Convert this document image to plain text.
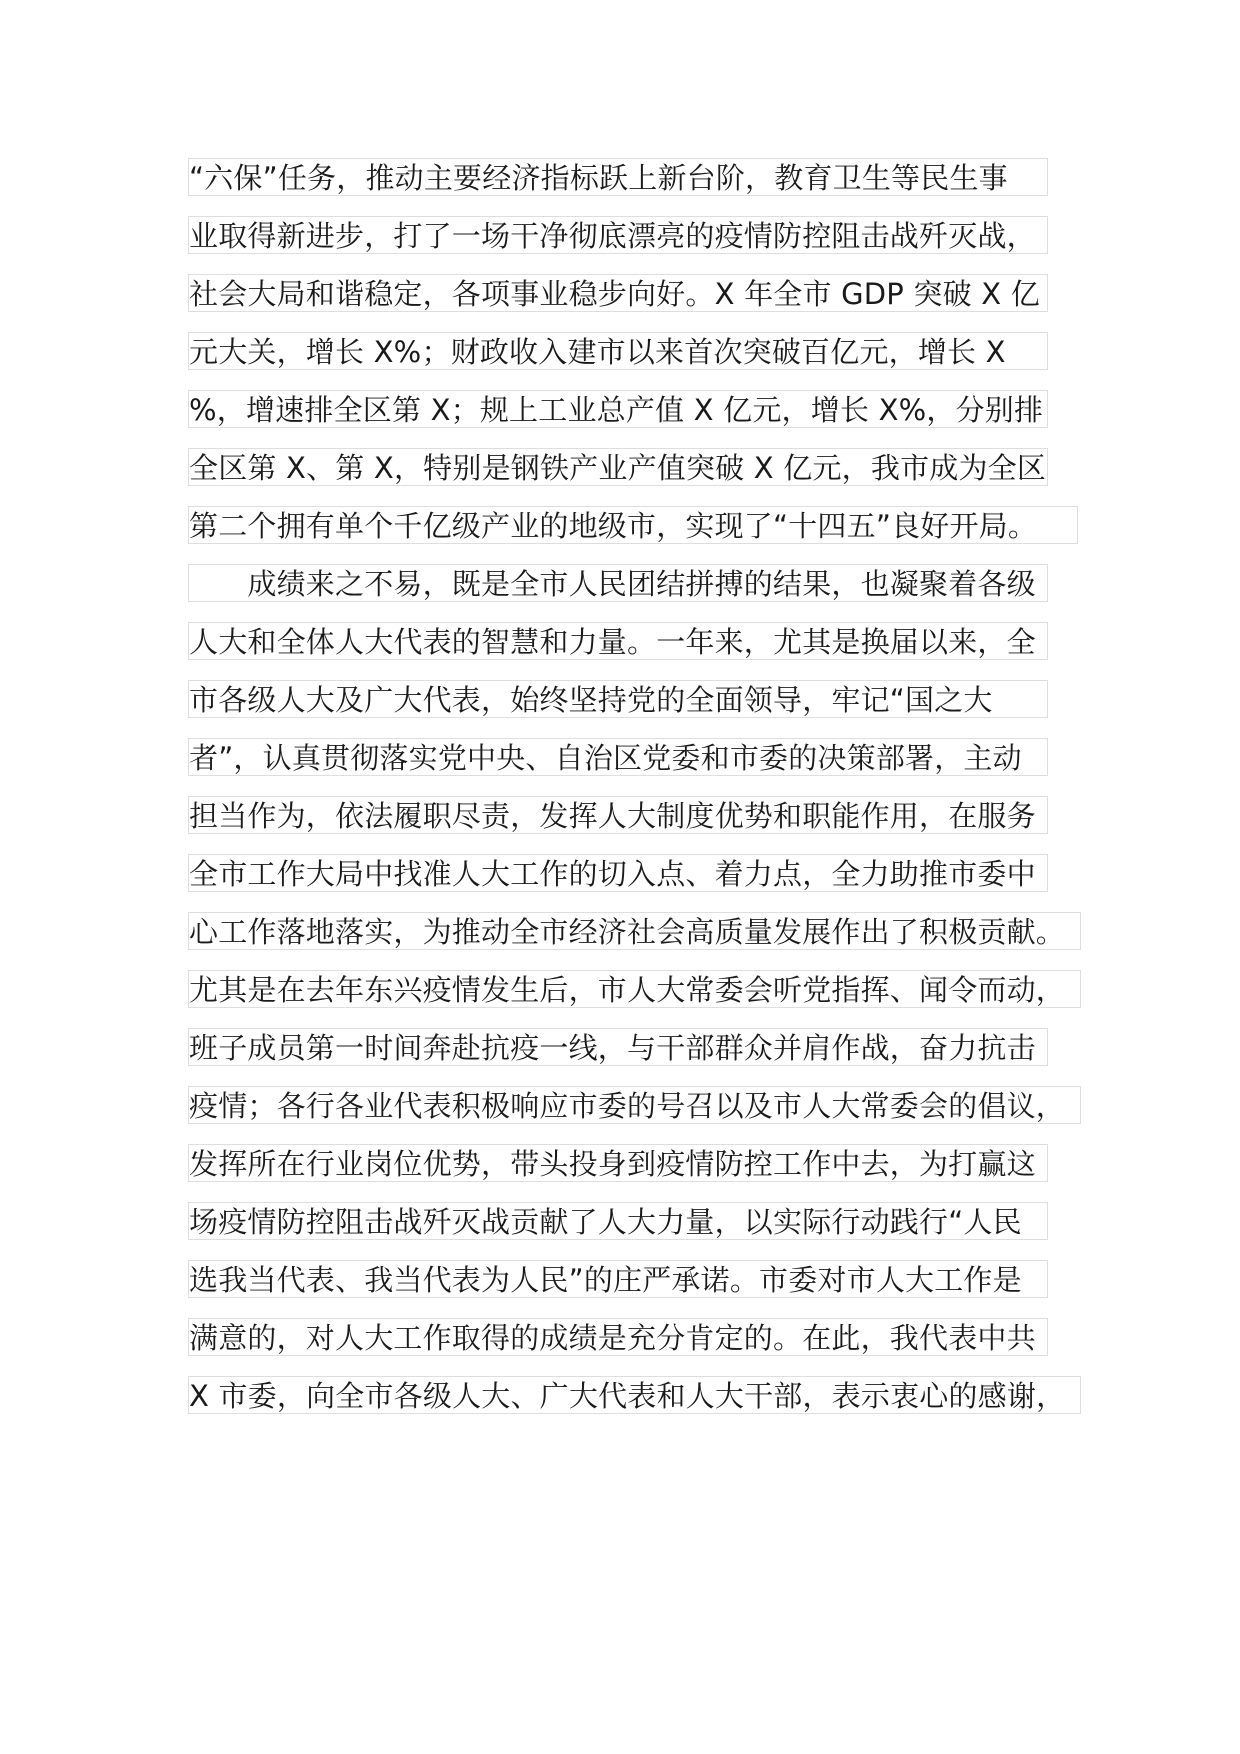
“六保”任务，推动主要经济指标跃上新台阶，教育卫生等民生事
业取得新进步，打了一场干净彻底漂亮的疫情防控阻击战歼灭战，
社会大局和谐稳定，各项事业稳步向好。X 年全市 GDP 突破 X 亿
元大关，增长 X%；财政收入建市以来首次突破百亿元，增长 X
%，增速排全区第 X；规上工业总产值 X 亿元，增长 X%，分别排
全区第 X、第 X，特别是钢铁产业产值突破 X 亿元，我市成为全区
第二个拥有单个千亿级产业的地级市，实现了“十四五”良好开局。
　　成绩来之不易，既是全市人民团结拼搏的结果，也凝聚着各级
人大和全体人大代表的智慧和力量。一年来，尤其是换届以来，全
市各级人大及广大代表，始终坚持党的全面领导，牢记“国之大
者”，认真贯彻落实党中央、自治区党委和市委的决策部署，主动
担当作为，依法履职尽责，发挥人大制度优势和职能作用，在服务
全市工作大局中找准人大工作的切入点、着力点，全力助推市委中
心工作落地落实，为推动全市经济社会高质量发展作出了积极贡献。
尤其是在去年东兴疫情发生后，市人大常委会听党指挥、闻令而动，
班子成员第一时间奔赴抗疫一线，与干部群众并肩作战，奋力抗击
疫情；各行各业代表积极响应市委的号召以及市人大常委会的倡议，
发挥所在行业岗位优势，带头投身到疫情防控工作中去，为打赢这
场疫情防控阻击战歼灭战贡献了人大力量，以实际行动践行“人民
选我当代表、我当代表为人民”的庄严承诺。市委对市人大工作是
满意的，对人大工作取得的成绩是充分肯定的。在此，我代表中共
X 市委，向全市各级人大、广大代表和人大干部，表示衷心的感谢，
